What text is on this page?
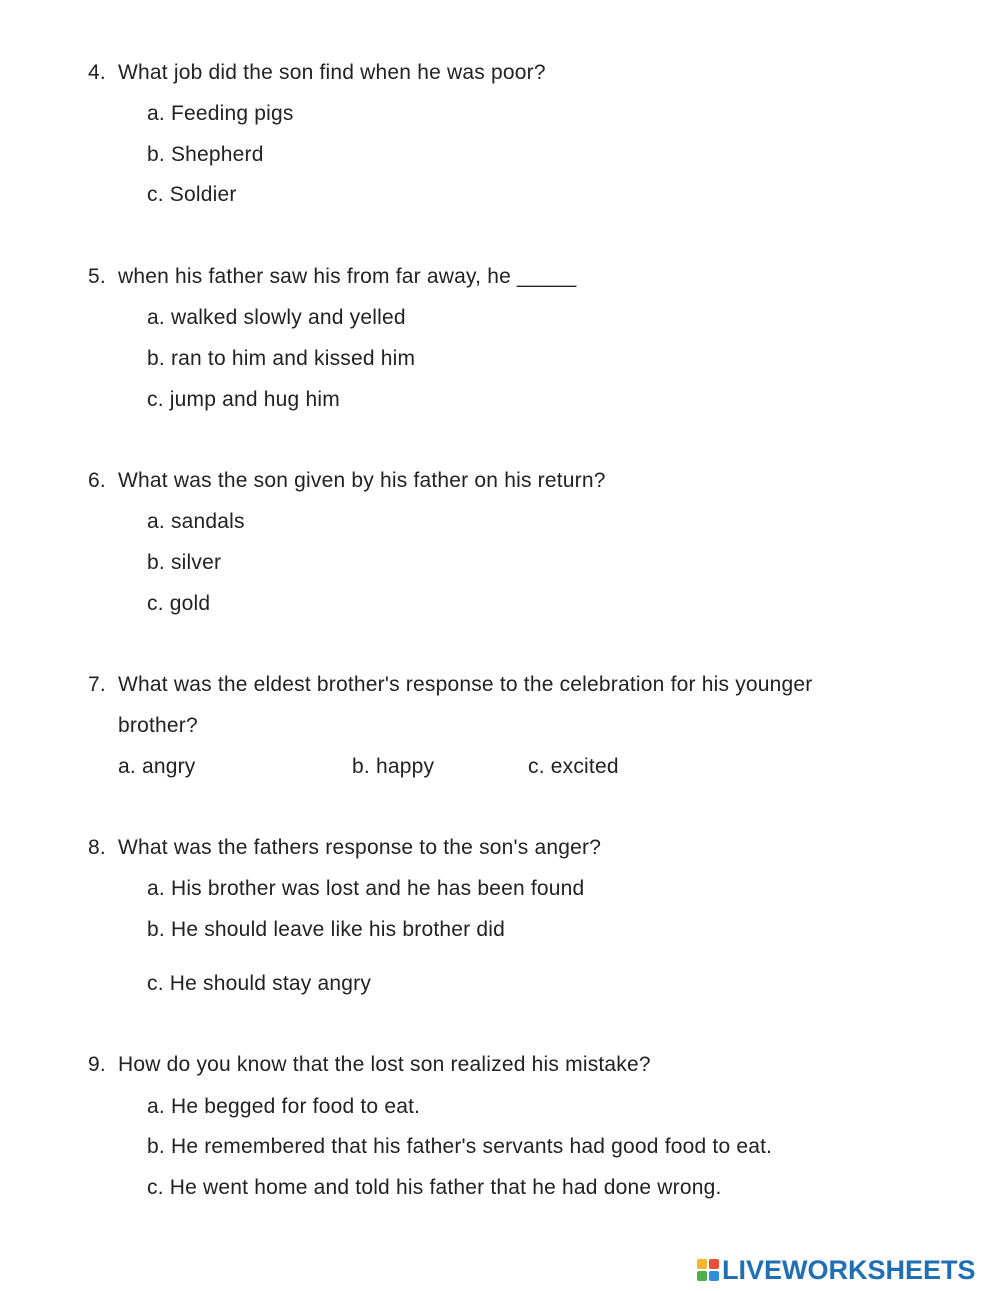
4. What job did the son find when he was poor?
a. Feeding pigs
b. Shepherd
c. Soldier
5. when his father saw his from far away, he _____
a. walked slowly and yelled
b. ran to him and kissed him
c. jump and hug him
6. What was the son given by his father on his return?
a. sandals
b. silver
c. gold
7. What was the eldest brother's response to the celebration for his younger
brother?
a. angry	b. happy	c. excited
8. What was the fathers response to the son's anger?
a. His brother was lost and he has been found
b. He should leave like his brother did
c. He should stay angry
9. How do you know that the lost son realized his mistake?
a. He begged for food to eat.
b. He remembered that his father's servants had good food to eat.
c. He went home and told his father that he had done wrong.
LIVEWORKSHEETS
